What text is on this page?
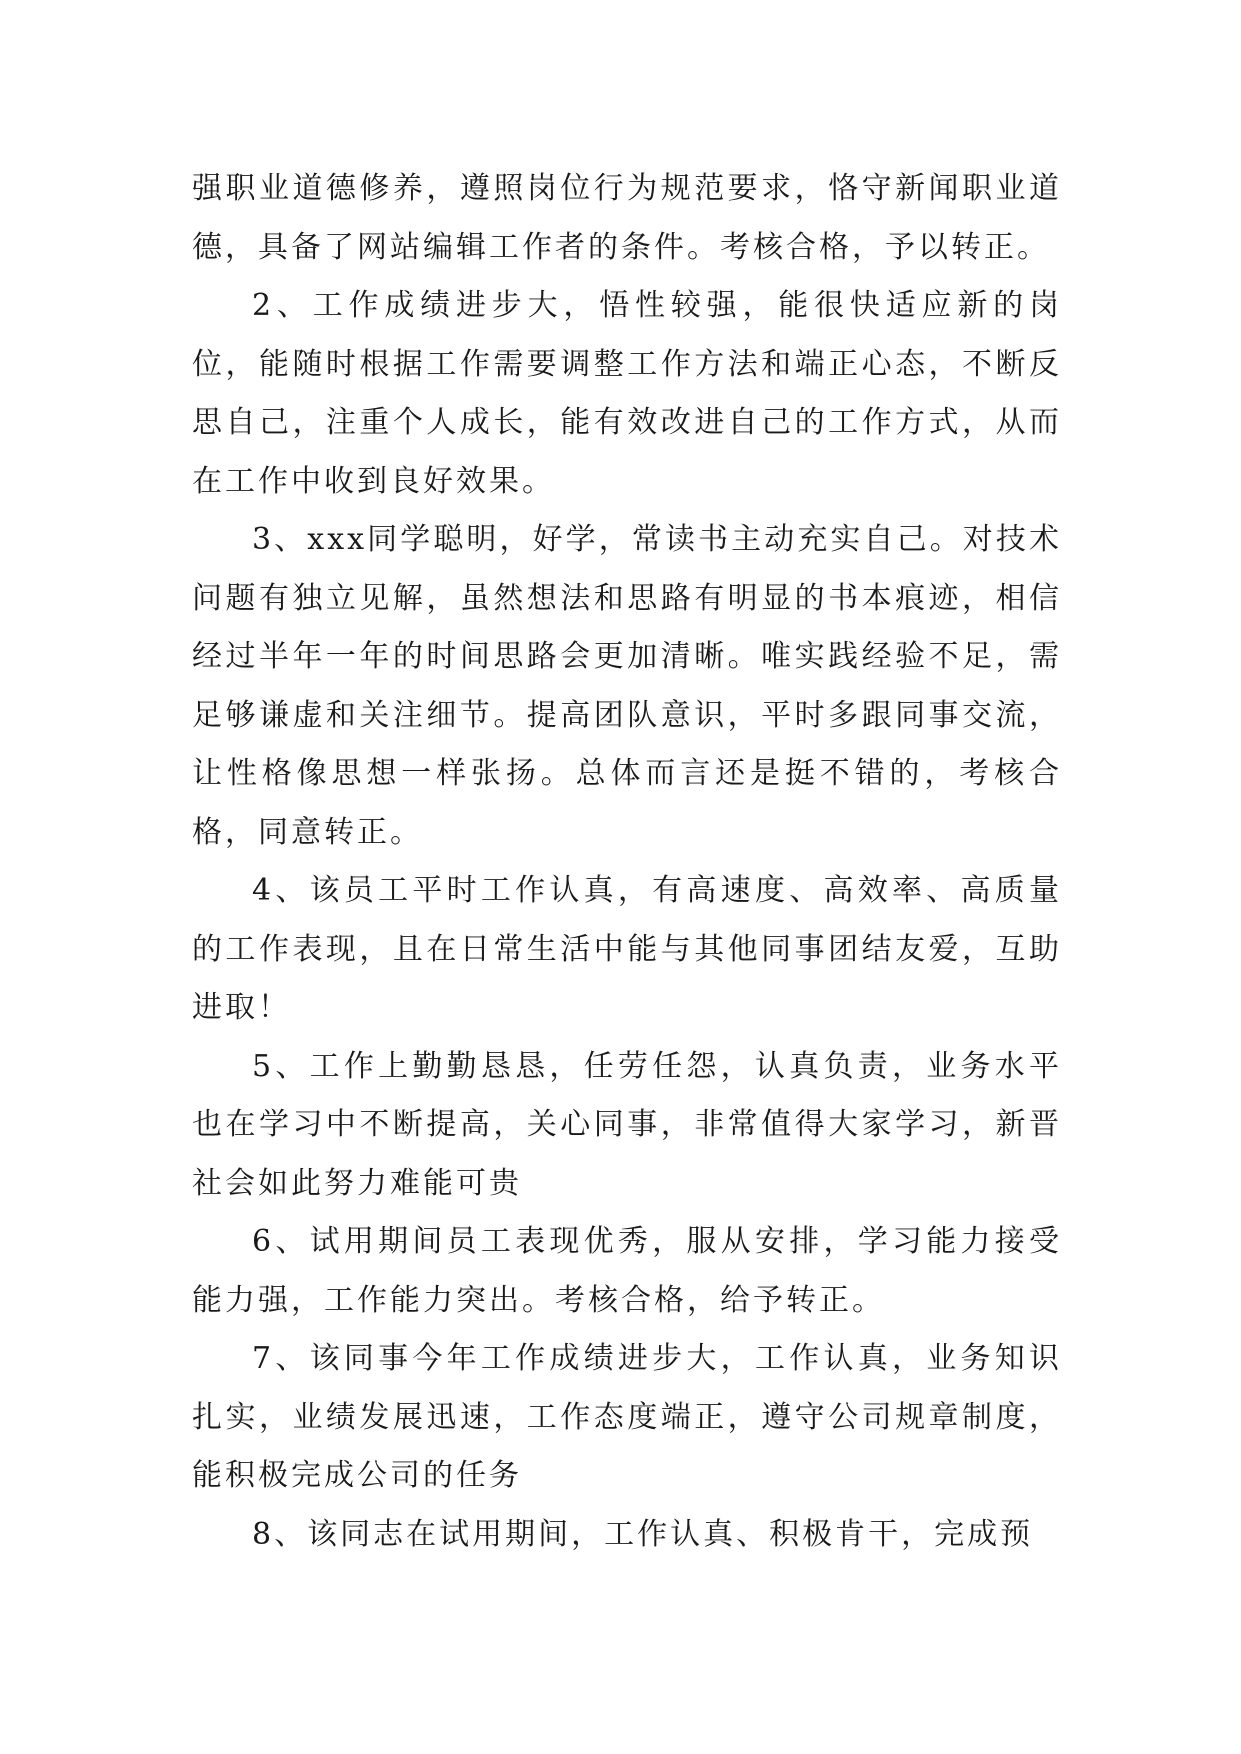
强职业道德修养，遵照岗位行为规范要求，恪守新闻职业道德，具备了网站编辑工作者的条件。考核合格，予以转正。

2、工作成绩进步大，悟性较强，能很快适应新的岗位，能随时根据工作需要调整工作方法和端正心态，不断反思自己，注重个人成长，能有效改进自己的工作方式，从而在工作中收到良好效果。

3、xxx同学聪明，好学，常读书主动充实自己。对技术问题有独立见解，虽然想法和思路有明显的书本痕迹，相信经过半年一年的时间思路会更加清晰。唯实践经验不足，需足够谦虚和关注细节。提高团队意识，平时多跟同事交流，让性格像思想一样张扬。总体而言还是挺不错的，考核合格，同意转正。

4、该员工平时工作认真，有高速度、高效率、高质量的工作表现，且在日常生活中能与其他同事团结友爱，互助进取！

5、工作上勤勤恳恳，任劳任怨，认真负责，业务水平也在学习中不断提高，关心同事，非常值得大家学习，新晋社会如此努力难能可贵

6、试用期间员工表现优秀，服从安排，学习能力接受能力强，工作能力突出。考核合格，给予转正。

7、该同事今年工作成绩进步大，工作认真，业务知识扎实，业绩发展迅速，工作态度端正，遵守公司规章制度，能积极完成公司的任务

8、该同志在试用期间，工作认真、积极肯干，完成预
